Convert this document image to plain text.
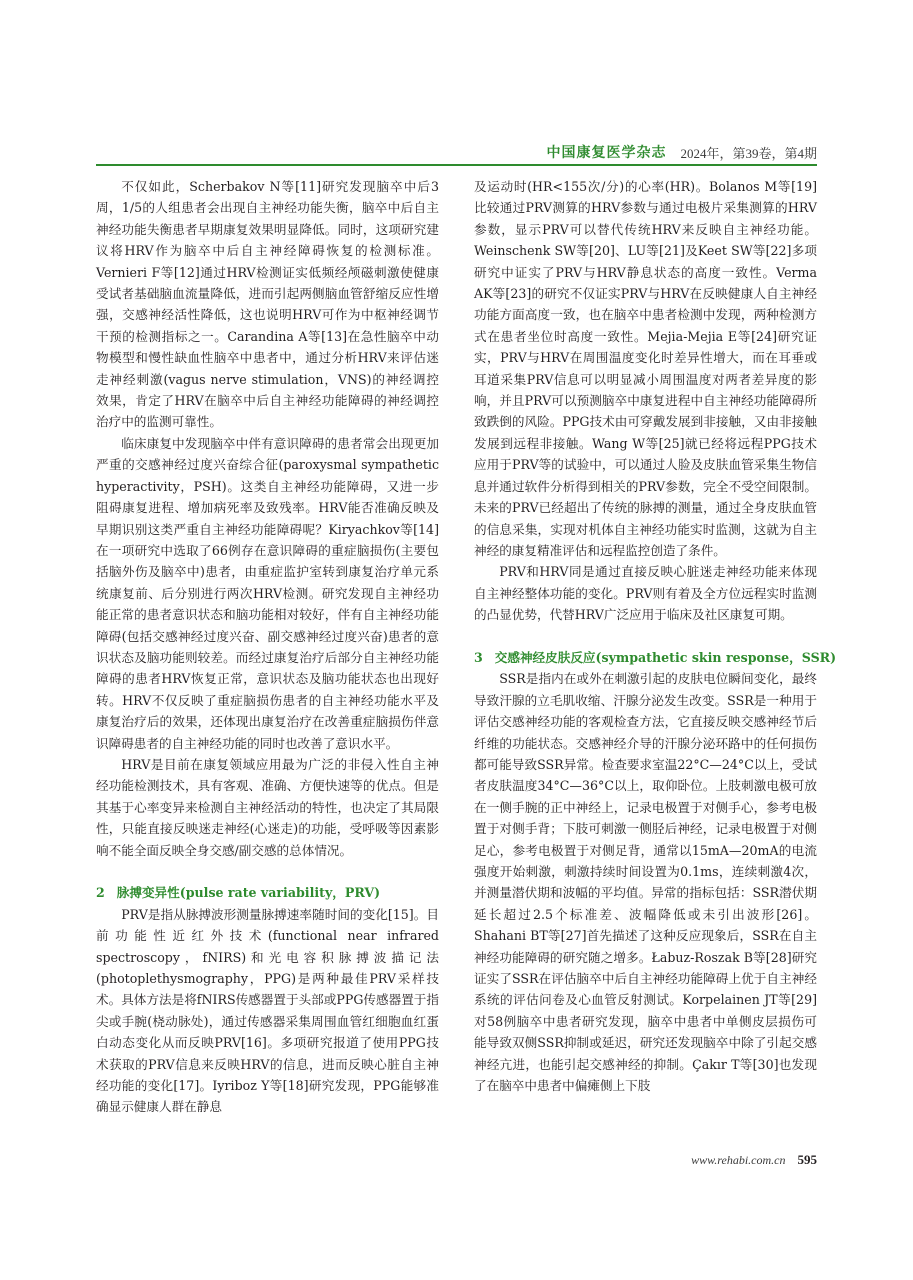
中国康复医学杂志 2024年，第39卷，第4期

不仅如此，Scherbakov N等[11]研究发现脑卒中后3周，1/5的人组患者会出现自主神经功能失衡，脑卒中后自主神经功能失衡患者早期康复效果明显降低。同时，这项研究建议将HRV作为脑卒中后自主神经障碍恢复的检测标准。Vernieri F等[12]通过HRV检测证实低频经颅磁刺激使健康受试者基础脑血流量降低，进而引起两侧脑血管舒缩反应性增强，交感神经活性降低，这也说明HRV可作为中枢神经调节干预的检测指标之一。Carandina A等[13]在急性脑卒中动物模型和慢性缺血性脑卒中患者中，通过分析HRV来评估迷走神经刺激(vagus nerve stimulation，VNS)的神经调控效果，肯定了HRV在脑卒中后自主神经功能障碍的神经调控治疗中的监测可靠性。

临床康复中发现脑卒中伴有意识障碍的患者常会出现更加严重的交感神经过度兴奋综合征(paroxysmal sympathetic hyperactivity，PSH)。这类自主神经功能障碍，又进一步阻碍康复进程、增加病死率及致残率。HRV能否准确反映及早期识别这类严重自主神经功能障碍呢？Kiryachkov等[14]在一项研究中选取了66例存在意识障碍的重症脑损伤(主要包括脑外伤及脑卒中)患者，由重症监护室转到康复治疗单元系统康复前、后分别进行两次HRV检测。研究发现自主神经功能正常的患者意识状态和脑功能相对较好，伴有自主神经功能障碍(包括交感神经过度兴奋、副交感神经过度兴奋)患者的意识状态及脑功能则较差。而经过康复治疗后部分自主神经功能障碍的患者HRV恢复正常，意识状态及脑功能状态也出现好转。HRV不仅反映了重症脑损伤患者的自主神经功能水平及康复治疗后的效果，还体现出康复治疗在改善重症脑损伤伴意识障碍患者的自主神经功能的同时也改善了意识水平。

HRV是目前在康复领域应用最为广泛的非侵入性自主神经功能检测技术，具有客观、准确、方便快速等的优点。但是其基于心率变异来检测自主神经活动的特性，也决定了其局限性，只能直接反映迷走神经(心迷走)的功能，受呼吸等因素影响不能全面反映全身交感/副交感的总体情况。

2 脉搏变异性(pulse rate variability，PRV)

PRV是指从脉搏波形测量脉搏速率随时间的变化[15]。目前功能性近红外技术(functional near infrared spectroscopy，fNIRS)和光电容积脉搏波描记法(photoplethysmography，PPG)是两种最佳PRV采样技术。具体方法是将fNIRS传感器置于头部或PPG传感器置于指尖或手腕(桡动脉处)，通过传感器采集周围血管红细胞血红蛋白动态变化从而反映PRV[16]。多项研究报道了使用PPG技术获取的PRV信息来反映HRV的信息，进而反映心脏自主神经功能的变化[17]。Iyriboz Y等[18]研究发现，PPG能够准确显示健康人群在静息

及运动时(HR<155次/分)的心率(HR)。Bolanos M等[19]比较通过PRV测算的HRV参数与通过电极片采集测算的HRV参数，显示PRV可以替代传统HRV来反映自主神经功能。Weinschenk SW等[20]、LU等[21]及Keet SW等[22]多项研究中证实了PRV与HRV静息状态的高度一致性。Verma AK等[23]的研究不仅证实PRV与HRV在反映健康人自主神经功能方面高度一致，也在脑卒中患者检测中发现，两种检测方式在患者坐位时高度一致性。Mejia-Mejia E等[24]研究证实，PRV与HRV在周围温度变化时差异性增大，而在耳垂或耳道采集PRV信息可以明显减小周围温度对两者差异度的影响，并且PRV可以预测脑卒中康复进程中自主神经功能障碍所致跌倒的风险。PPG技术由可穿戴发展到非接触，又由非接触发展到远程非接触。Wang W等[25]就已经将远程PPG技术应用于PRV等的试验中，可以通过人脸及皮肤血管采集生物信息并通过软件分析得到相关的PRV参数，完全不受空间限制。未来的PRV已经超出了传统的脉搏的测量，通过全身皮肤血管的信息采集，实现对机体自主神经功能实时监测，这就为自主神经的康复精准评估和远程监控创造了条件。

PRV和HRV同是通过直接反映心脏迷走神经功能来体现自主神经整体功能的变化。PRV则有着及全方位远程实时监测的凸显优势，代替HRV广泛应用于临床及社区康复可期。

3 交感神经皮肤反应(sympathetic skin response，SSR)

SSR是指内在或外在刺激引起的皮肤电位瞬间变化，最终导致汗腺的立毛肌收缩、汗腺分泌发生改变。SSR是一种用于评估交感神经功能的客观检查方法，它直接反映交感神经节后纤维的功能状态。交感神经介导的汗腺分泌环路中的任何损伤都可能导致SSR异常。检查要求室温22°C—24°C以上，受试者皮肤温度34°C—36°C以上，取仰卧位。上肢刺激电极可放在一侧手腕的正中神经上，记录电极置于对侧手心，参考电极置于对侧手背；下肢可刺激一侧胫后神经，记录电极置于对侧足心，参考电极置于对侧足背，通常以15mA—20mA的电流强度开始刺激，刺激持续时间设置为0.1ms，连续刺激4次，并测量潜伏期和波幅的平均值。异常的指标包括：SSR潜伏期延长超过2.5个标准差、波幅降低或未引出波形[26]。Shahani BT等[27]首先描述了这种反应现象后，SSR在自主神经功能障碍的研究随之增多。Łabuz-Roszak B等[28]研究证实了SSR在评估脑卒中后自主神经功能障碍上优于自主神经系统的评估问卷及心血管反射测试。Korpelainen JT等[29]对58例脑卒中患者研究发现，脑卒中患者中单侧皮层损伤可能导致双侧SSR抑制或延迟，研究还发现脑卒中除了引起交感神经亢进，也能引起交感神经的抑制。Çakır T等[30]也发现了在脑卒中患者中偏瘫侧上下肢

www.rehabi.com.cn 595
